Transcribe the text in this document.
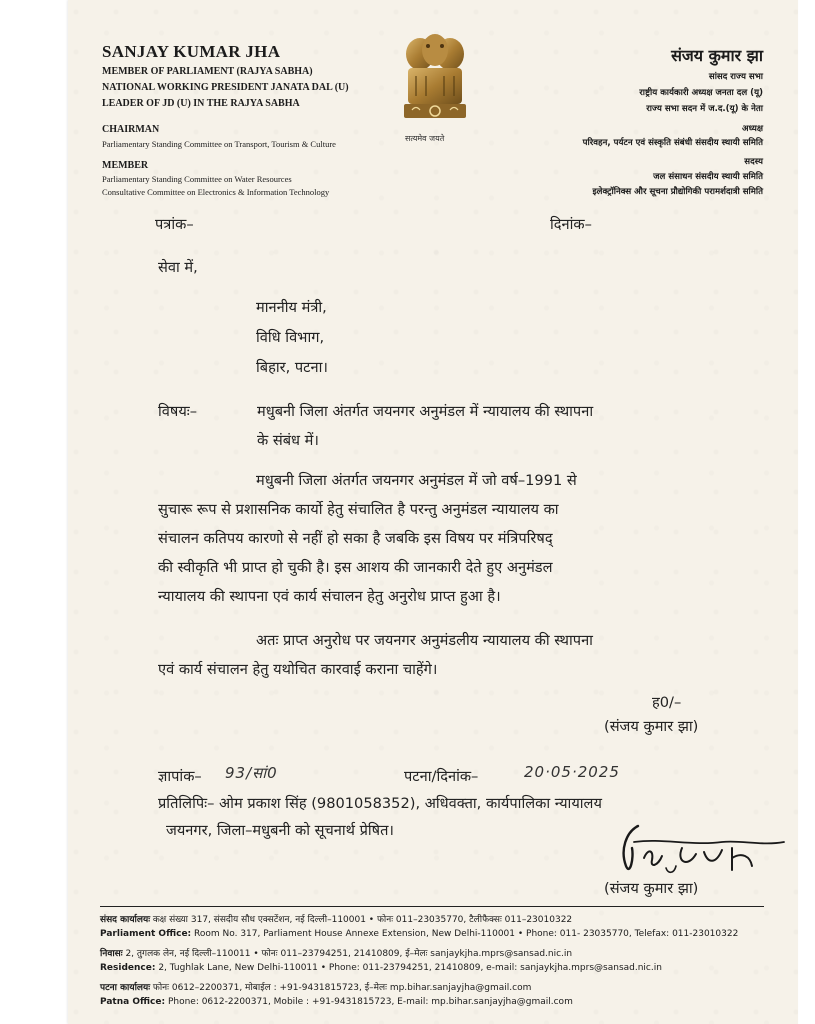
SANJAY KUMAR JHA
MEMBER OF PARLIAMENT (RAJYA SABHA)
NATIONAL WORKING PRESIDENT JANATA DAL (U)
LEADER OF JD (U) IN THE RAJYA SABHA
CHAIRMAN
Parliamentary Standing Committee on Transport, Tourism & Culture
MEMBER
Parliamentary Standing Committee on Water Resources
Consultative Committee on Electronics & Information Technology
सत्यमेव जयते
संजय कुमार झा
सांसद राज्य सभा
राष्ट्रीय कार्यकारी अध्यक्ष जनता दल (यू)
राज्य सभा सदन में ज.द.(यू) के नेता
अध्यक्ष
परिवहन, पर्यटन एवं संस्कृति संबंधी संसदीय स्थायी समिति
सदस्य
जल संसाधन संसदीय स्थायी समिति
इलेक्ट्रॉनिक्स और सूचना प्रौद्योगिकी परामर्शदात्री समिति
पत्रांक–	दिनांक–
सेवा में,
माननीय मंत्री,
विधि विभाग,
बिहार, पटना।
विषयः–	मधुबनी जिला अंतर्गत जयनगर अनुमंडल में न्यायालय की स्थापना
के संबंध में।
मधुबनी जिला अंतर्गत जयनगर अनुमंडल में जो वर्ष–1991 से
सुचारू रूप से प्रशासनिक कार्यो हेतु संचालित है परन्तु अनुमंडल न्यायालय का
संचालन कतिपय कारणो से नहीं हो सका है जबकि इस विषय पर मंत्रिपरिषद्
की स्वीकृति भी प्राप्त हो चुकी है। इस आशय की जानकारी देते हुए अनुमंडल
न्यायालय की स्थापना एवं कार्य संचालन हेतु अनुरोध प्राप्त हुआ है।
अतः प्राप्त अनुरोध पर जयनगर अनुमंडलीय न्यायालय की स्थापना
एवं कार्य संचालन हेतु यथोचित कारवाई कराना चाहेंगे।
ह0/–
(संजय कुमार झा)
ज्ञापांक– 93/सां0	पटना/दिनांक–	20·05·2025
प्रतिलिपिः– ओम प्रकाश सिंह (9801058352), अधिवक्ता, कार्यपालिका न्यायालय
जयनगर, जिला–मधुबनी को सूचनार्थ प्रेषित।
(संजय कुमार झा)
संसद कार्यालयः कक्ष संख्या 317, संसदीय सौध एक्सटेंशन, नई दिल्ली–110001 • फोनः 011–23035770, टैलीफैक्सः 011–23010322
Parliament Office: Room No. 317, Parliament House Annexe Extension, New Delhi-110001 • Phone: 011- 23035770, Telefax: 011-23010322
निवासः 2, तुगलक लेन, नई दिल्ली–110011 • फोनः 011–23794251, 21410809, ई–मेलः sanjaykjha.mprs@sansad.nic.in
Residence: 2, Tughlak Lane, New Delhi-110011 • Phone: 011-23794251, 21410809, e-mail: sanjaykjha.mprs@sansad.nic.in
पटना कार्यालयः फोनः 0612–2200371, मोबाईल : +91-9431815723, ई–मेलः mp.bihar.sanjayjha@gmail.com
Patna Office: Phone: 0612-2200371, Mobile : +91-9431815723, E-mail: mp.bihar.sanjayjha@gmail.com
